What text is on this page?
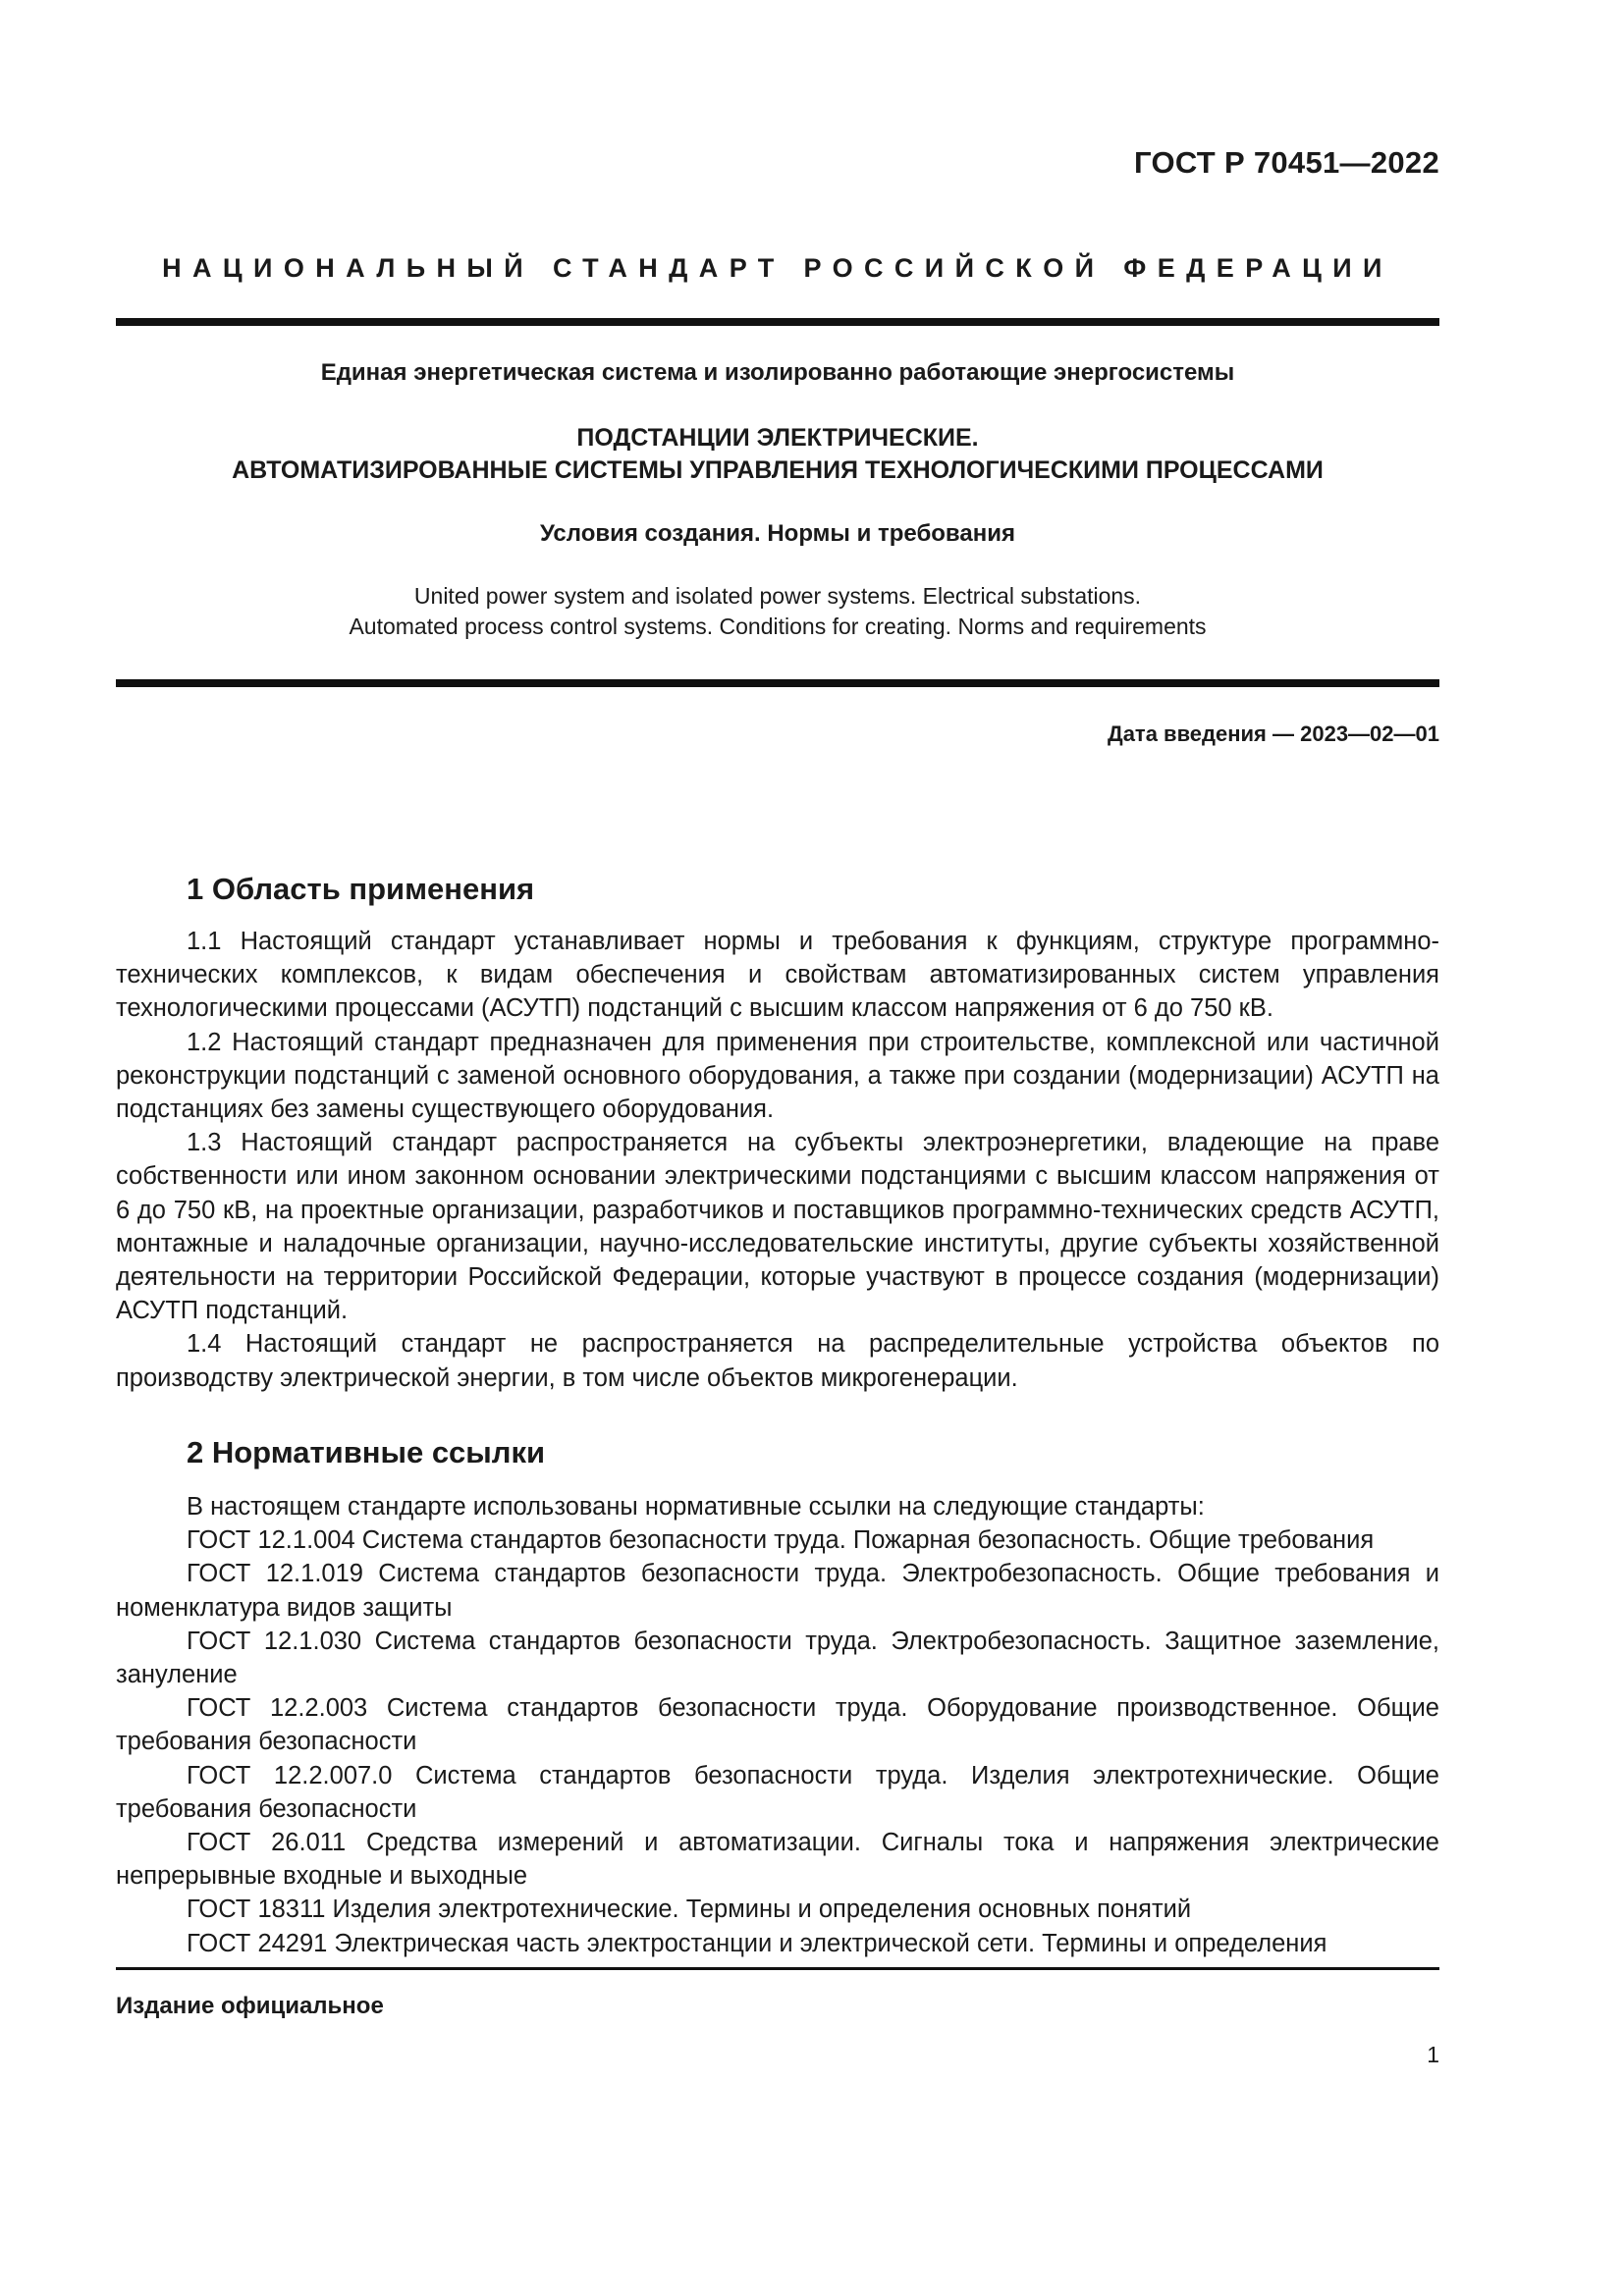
ГОСТ Р 70451—2022
НАЦИОНАЛЬНЫЙ СТАНДАРТ РОССИЙСКОЙ ФЕДЕРАЦИИ
Единая энергетическая система и изолированно работающие энергосистемы
ПОДСТАНЦИИ ЭЛЕКТРИЧЕСКИЕ.
АВТОМАТИЗИРОВАННЫЕ СИСТЕМЫ УПРАВЛЕНИЯ ТЕХНОЛОГИЧЕСКИМИ ПРОЦЕССАМИ
Условия создания. Нормы и требования
United power system and isolated power systems. Electrical substations.
Automated process control systems. Conditions for creating. Norms and requirements
Дата введения — 2023—02—01
1 Область применения

1.1 Настоящий стандарт устанавливает нормы и требования к функциям, структуре программно-технических комплексов, к видам обеспечения и свойствам автоматизированных систем управления технологическими процессами (АСУТП) подстанций с высшим классом напряжения от 6 до 750 кВ.

1.2 Настоящий стандарт предназначен для применения при строительстве, комплексной или частичной реконструкции подстанций с заменой основного оборудования, а также при создании (модернизации) АСУТП на подстанциях без замены существующего оборудования.

1.3 Настоящий стандарт распространяется на субъекты электроэнергетики, владеющие на праве собственности или ином законном основании электрическими подстанциями с высшим классом напряжения от 6 до 750 кВ, на проектные организации, разработчиков и поставщиков программно-технических средств АСУТП, монтажные и наладочные организации, научно-исследовательские институты, другие субъекты хозяйственной деятельности на территории Российской Федерации, которые участвуют в процессе создания (модернизации) АСУТП подстанций.

1.4 Настоящий стандарт не распространяется на распределительные устройства объектов по производству электрической энергии, в том числе объектов микрогенерации.

2 Нормативные ссылки

В настоящем стандарте использованы нормативные ссылки на следующие стандарты:

ГОСТ 12.1.004 Система стандартов безопасности труда. Пожарная безопасность. Общие требования

ГОСТ 12.1.019 Система стандартов безопасности труда. Электробезопасность. Общие требования и номенклатура видов защиты

ГОСТ 12.1.030 Система стандартов безопасности труда. Электробезопасность. Защитное заземление, зануление

ГОСТ 12.2.003 Система стандартов безопасности труда. Оборудование производственное. Общие требования безопасности

ГОСТ 12.2.007.0 Система стандартов безопасности труда. Изделия электротехнические. Общие требования безопасности

ГОСТ 26.011 Средства измерений и автоматизации. Сигналы тока и напряжения электрические непрерывные входные и выходные

ГОСТ 18311 Изделия электротехнические. Термины и определения основных понятий

ГОСТ 24291 Электрическая часть электростанции и электрической сети. Термины и определения

Издание официальное
1
